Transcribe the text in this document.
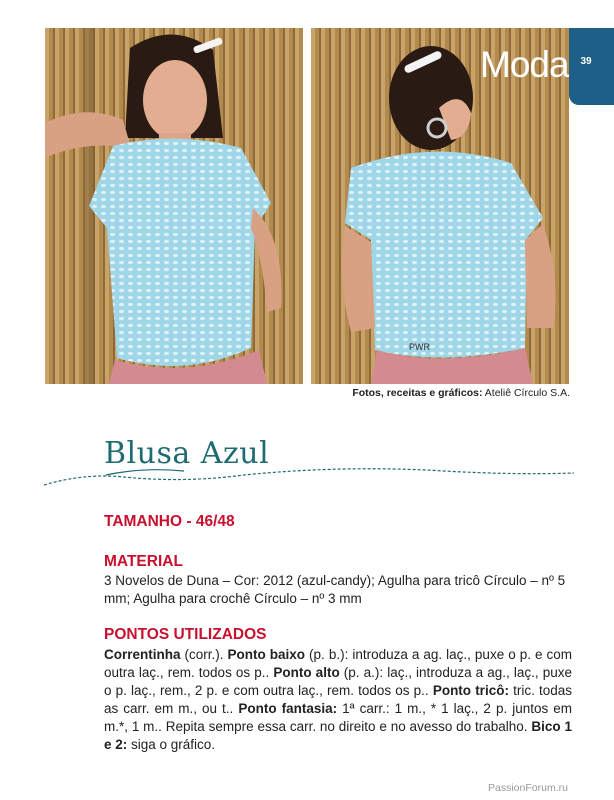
PWR
Moda	39
Fotos, receitas e gráficos: Ateliê Círculo S.A.
Blusa Azul
TAMANHO - 46/48
MATERIAL
3 Novelos de Duna – Cor: 2012 (azul-candy); Agulha para tricô Círculo – nº 5 mm; Agulha para crochê Círculo – nº 3 mm
PONTOS UTILIZADOS
Correntinha (corr.). Ponto baixo (p. b.): introduza a ag. laç., puxe o p. e com outra laç., rem. todos os p.. Ponto alto (p. a.): laç., introduza a ag., laç., puxe o p. laç., rem., 2 p. e com outra laç., rem. todos os p.. Ponto tricô: tric. todas as carr. em m., ou t.. Ponto fantasia: 1ª carr.: 1 m., * 1 laç., 2 p. juntos em m.*, 1 m.. Repita sempre essa carr. no direito e no avesso do trabalho. Bico 1 e 2: siga o gráfico.
PassionForum.ru
